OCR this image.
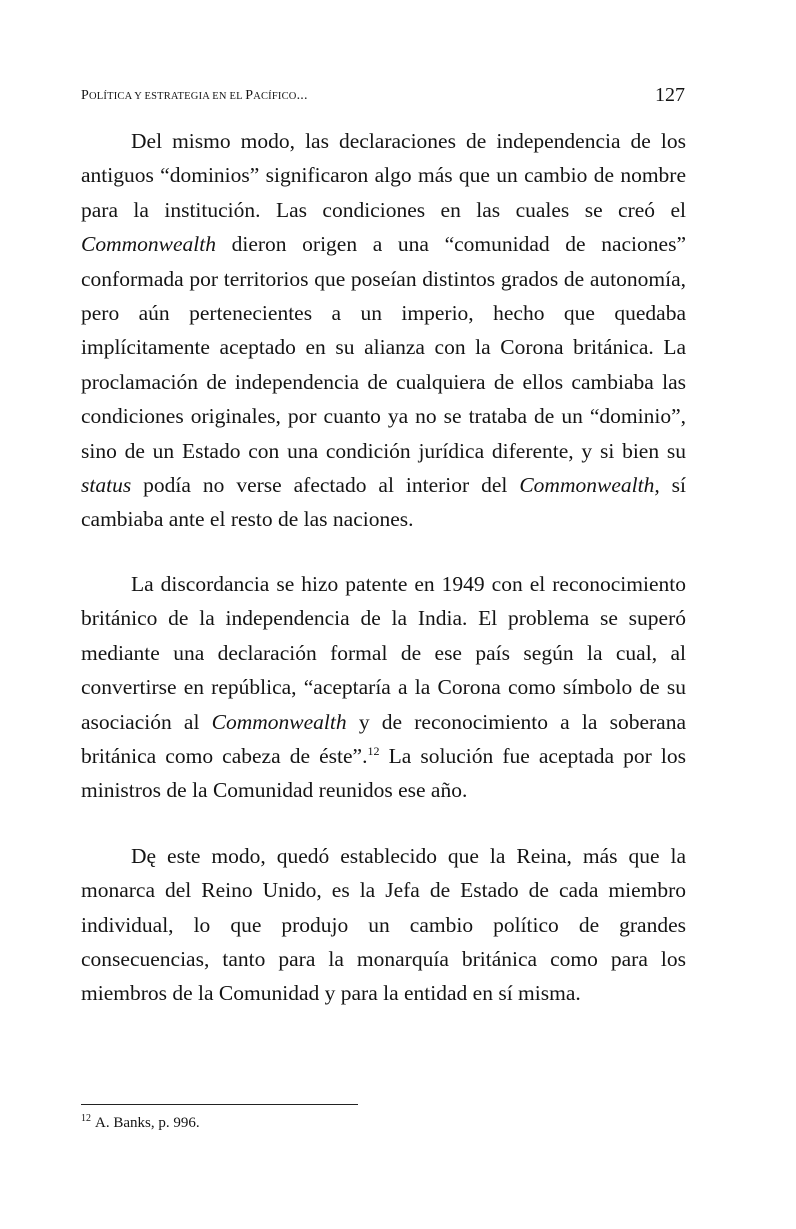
POLÍTICA Y ESTRATEGIA EN EL PACÍFICO...	127

Del mismo modo, las declaraciones de independencia de los antiguos “dominios” significaron algo más que un cambio de nombre para la institución. Las condiciones en las cuales se creó el Commonwealth dieron origen a una “comunidad de naciones” conformada por territorios que poseían distintos grados de autonomía, pero aún pertenecientes a un imperio, hecho que quedaba implícitamente aceptado en su alianza con la Corona británica. La proclamación de independencia de cualquiera de ellos cambiaba las condiciones originales, por cuanto ya no se trataba de un “dominio”, sino de un Estado con una condición jurídica diferente, y si bien su status podía no verse afectado al interior del Commonwealth, sí cambiaba ante el resto de las naciones.

La discordancia se hizo patente en 1949 con el reconocimiento británico de la independencia de la India. El problema se superó mediante una declaración formal de ese país según la cual, al convertirse en república, “aceptaría a la Corona como símbolo de su asociación al Commonwealth y de reconocimiento a la soberana británica como cabeza de éste”.$^{12}$ La solución fue aceptada por los ministros de la Comunidad reunidos ese año.

Dę este modo, quedó establecido que la Reina, más que la monarca del Reino Unido, es la Jefa de Estado de cada miembro individual, lo que produjo un cambio político de grandes consecuencias, tanto para la monarquía británica como para los miembros de la Comunidad y para la entidad en sí misma.

$^{12}$ A. Banks, p. 996.
